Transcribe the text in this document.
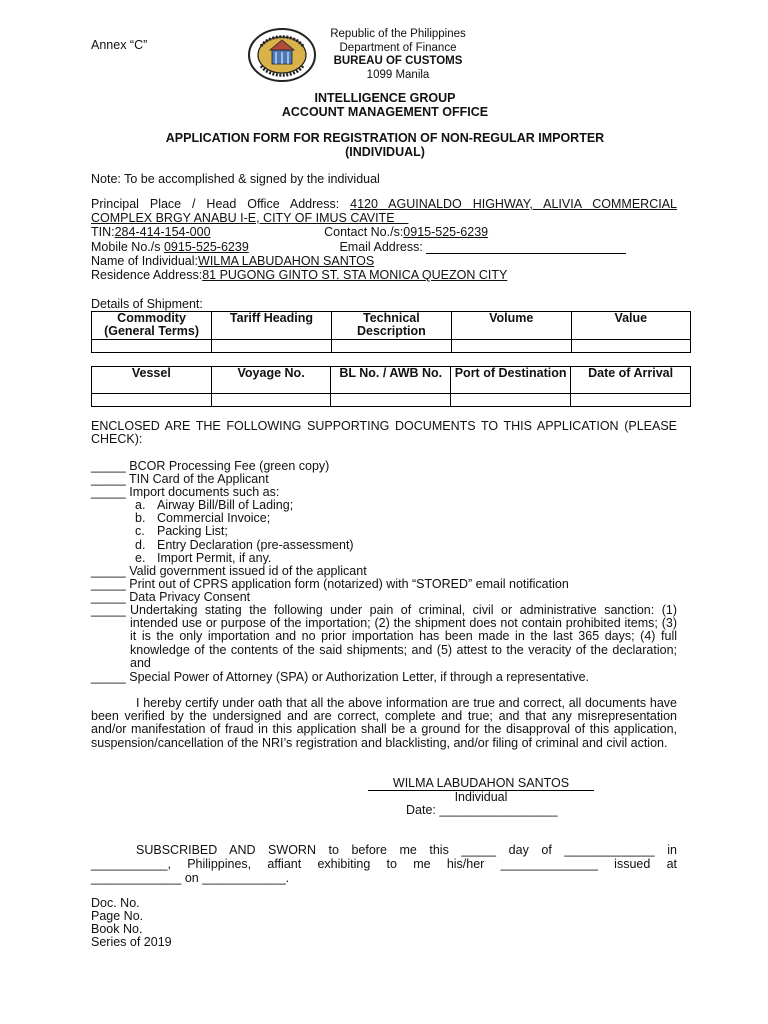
Annex “C”
Republic of the Philippines
Department of Finance
BUREAU OF CUSTOMS
1099 Manila
INTELLIGENCE GROUP
ACCOUNT MANAGEMENT OFFICE
APPLICATION FORM FOR REGISTRATION OF NON-REGULAR IMPORTER
(INDIVIDUAL)
Note: To be accomplished & signed by the individual
Principal Place / Head Office Address: 4120 AGUINALDO HIGHWAY, ALIVIA COMMERCIAL
COMPLEX BRGY ANABU I-E, CITY OF IMUS CAVITE
TIN:284-414-154-000	Contact No./s:0915-525-6239
Mobile No./s 0915-525-6239	Email Address:
Name of Individual:WILMA LABUDAHON SANTOS
Residence Address:81 PUGONG GINTO ST. STA MONICA QUEZON CITY
Details of Shipment:
Commodity (General Terms)	Tariff Heading	Technical Description	Volume	Value

Vessel	Voyage No.	BL No. / AWB No.	Port of Destination	Date of Arrival

ENCLOSED ARE THE FOLLOWING SUPPORTING DOCUMENTS TO THIS APPLICATION (PLEASE CHECK):
_____ BCOR Processing Fee (green copy)
_____ TIN Card of the Applicant
_____ Import documents such as:
a. Airway Bill/Bill of Lading;
b. Commercial Invoice;
c. Packing List;
d. Entry Declaration (pre-assessment)
e. Import Permit, if any.
_____ Valid government issued id of the applicant
_____ Print out of CPRS application form (notarized) with “STORED” email notification
_____ Data Privacy Consent
_____ Undertaking stating the following under pain of criminal, civil or administrative sanction: (1) intended use or purpose of the importation; (2) the shipment does not contain prohibited items; (3) it is the only importation and no prior importation has been made in the last 365 days; (4) full knowledge of the contents of the said shipments; and (5) attest to the veracity of the declaration; and
_____ Special Power of Attorney (SPA) or Authorization Letter, if through a representative.
I hereby certify under oath that all the above information are true and correct, all documents have been verified by the undersigned and are correct, complete and true; and that any misrepresentation and/or manifestation of fraud in this application shall be a ground for the disapproval of this application, suspension/cancellation of the NRI’s registration and blacklisting, and/or filing of criminal and civil action.
WILMA LABUDAHON SANTOS
Individual
Date: _________________
SUBSCRIBED AND SWORN to before me this _____ day of _____________ in
___________, Philippines, affiant exhibiting to me his/her ______________ issued at
_____________ on ____________.
Doc. No.
Page No.
Book No.
Series of 2019
